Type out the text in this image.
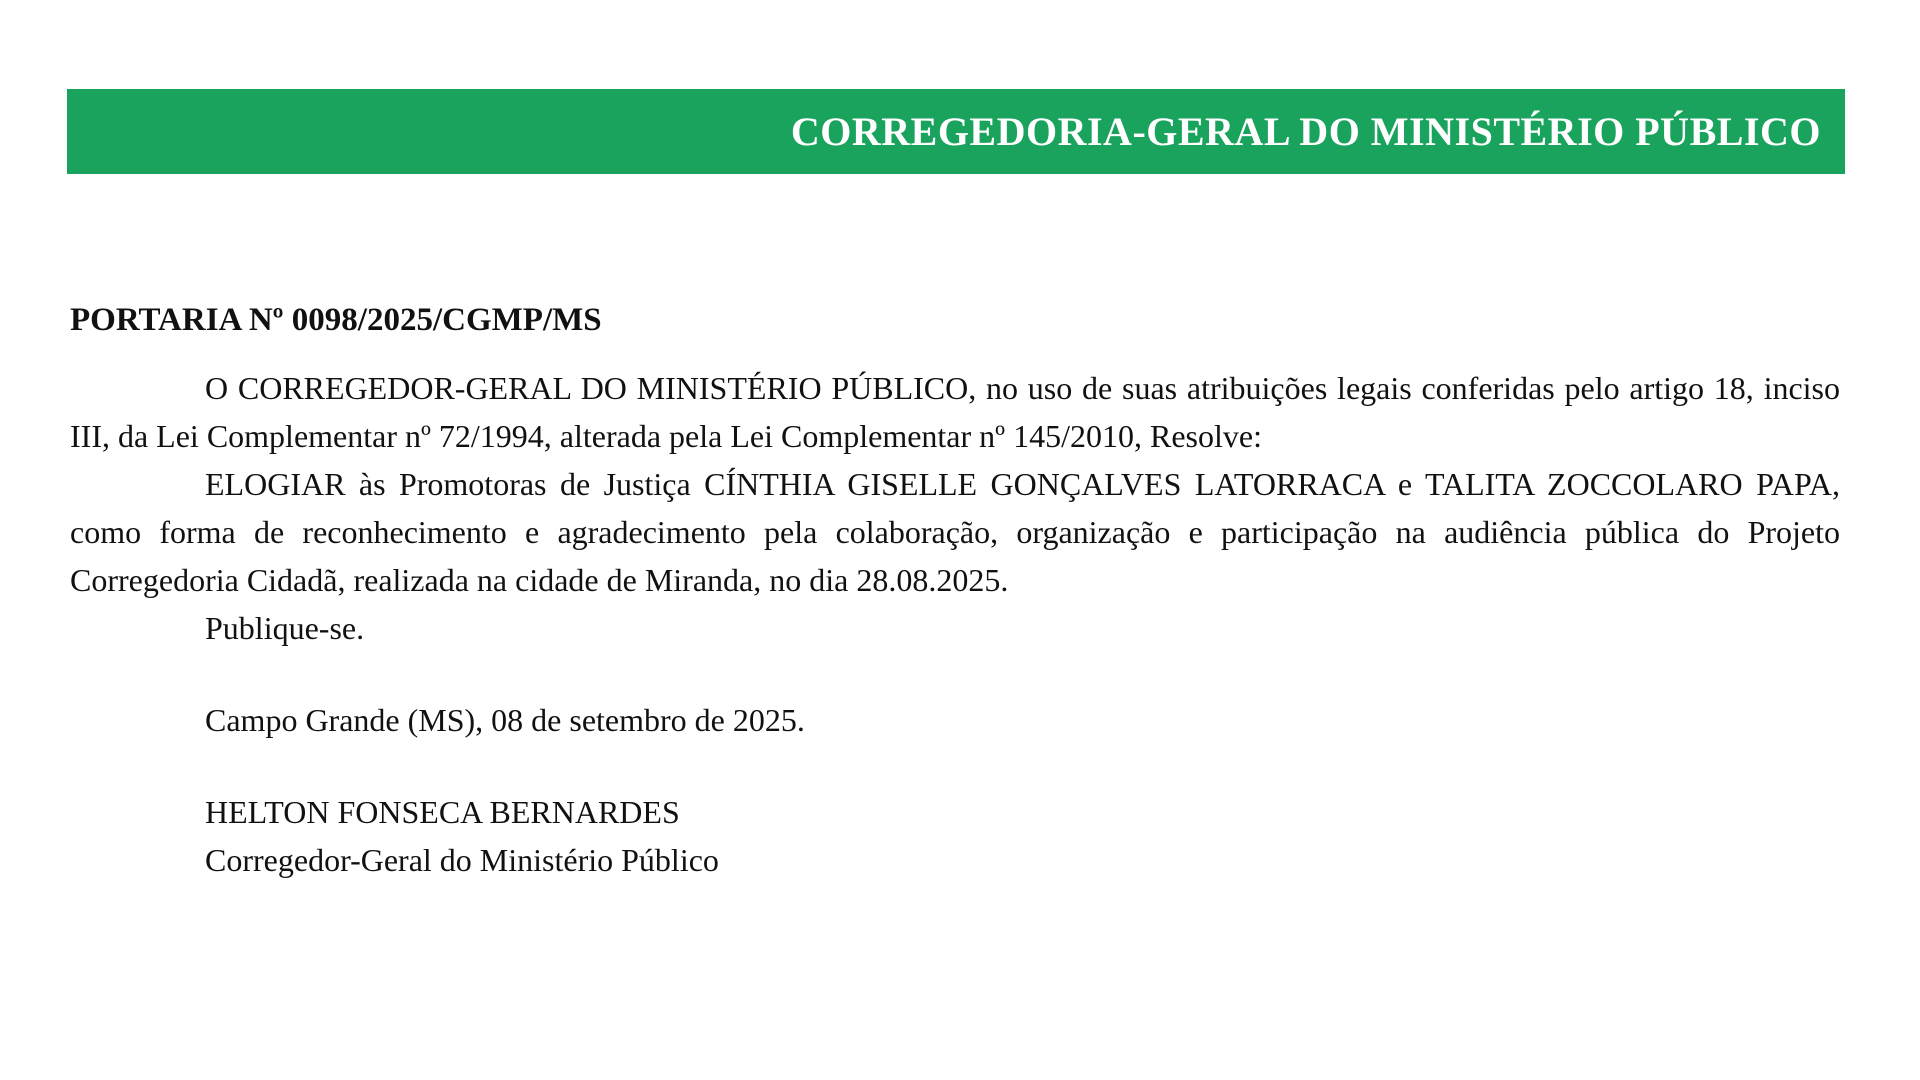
CORREGEDORIA-GERAL DO MINISTÉRIO PÚBLICO
PORTARIA Nº 0098/2025/CGMP/MS

O CORREGEDOR-GERAL DO MINISTÉRIO PÚBLICO, no uso de suas atribuições legais conferidas pelo artigo 18, inciso III, da Lei Complementar nº 72/1994, alterada pela Lei Complementar nº 145/2010, Resolve:

ELOGIAR às Promotoras de Justiça CÍNTHIA GISELLE GONÇALVES LATORRACA e TALITA ZOCCOLARO PAPA, como forma de reconhecimento e agradecimento pela colaboração, organização e participação na audiência pública do Projeto Corregedoria Cidadã, realizada na cidade de Miranda, no dia 28.08.2025.

Publique-se.

Campo Grande (MS), 08 de setembro de 2025.

HELTON FONSECA BERNARDES
Corregedor-Geral do Ministério Público
